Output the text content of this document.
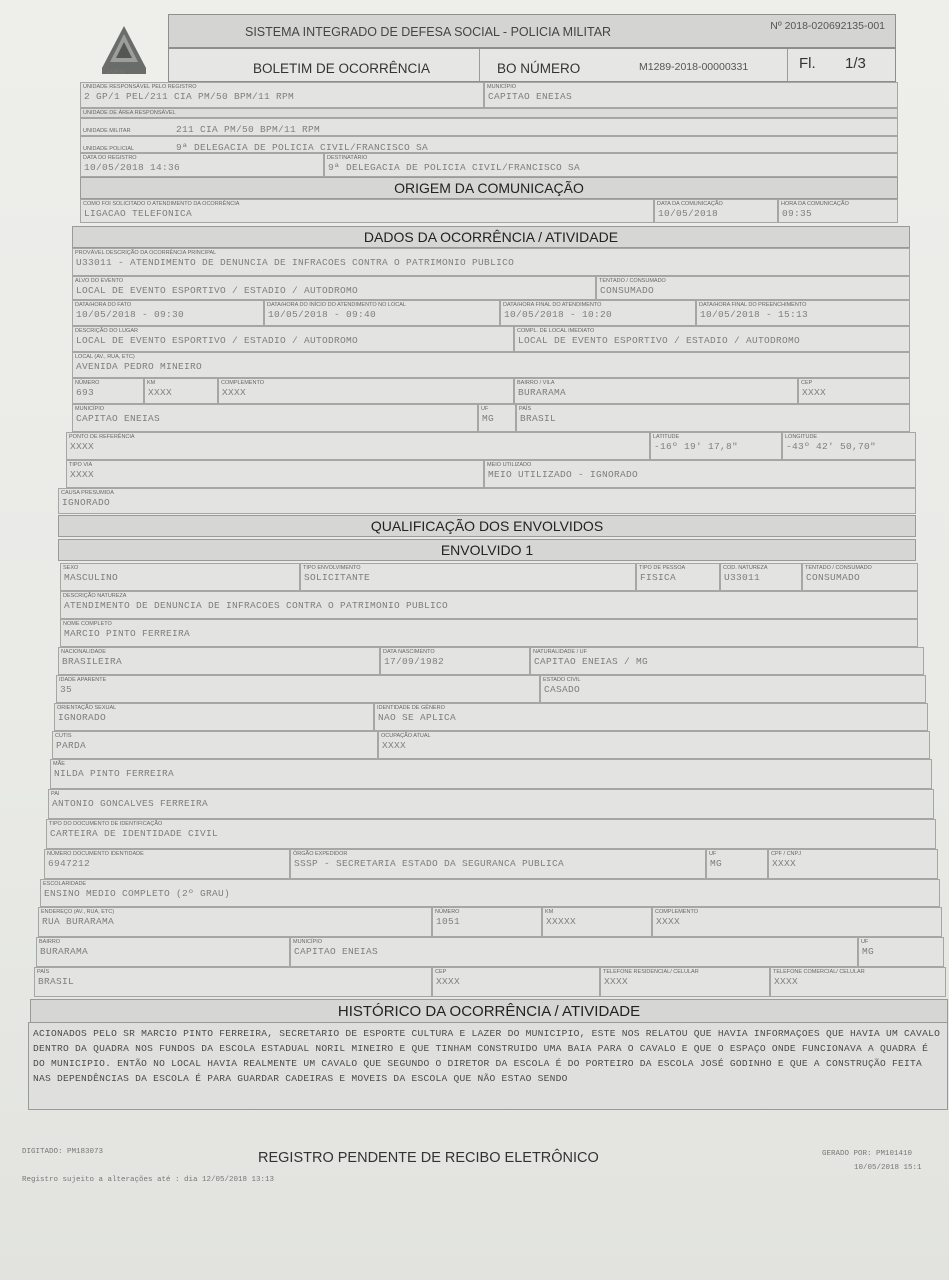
TAMEN
SISTEMA INTEGRADO DE DEFESA SOCIAL - POLICIA MILITAR	Nº 2018-020692135-001
BOLETIM DE OCORRÊNCIA	BO NÚMERO	M1289-2018-00000331	Fl. 1/3
UNIDADE RESPONSÁVEL PELO REGISTRO
2 GP/1 PEL/211 CIA PM/50 BPM/11 RPM
MUNICÍPIO
CAPITAO ENEIAS
UNIDADE DE ÁREA RESPONSÁVEL
UNIDADE MILITAR	211 CIA PM/50 BPM/11 RPM
UNIDADE POLICIAL	9ª DELEGACIA DE POLICIA CIVIL/FRANCISCO SA
DATA DO REGISTRO
10/05/2018 14:36
DESTINATÁRIO
9ª DELEGACIA DE POLICIA CIVIL/FRANCISCO SA
ORIGEM DA COMUNICAÇÃO
COMO FOI SOLICITADO O ATENDIMENTO DA OCORRÊNCIA
LIGACAO TELEFONICA
DATA DA COMUNICAÇÃO
10/05/2018
HORA DA COMUNICAÇÃO
09:35
DADOS DA OCORRÊNCIA / ATIVIDADE
PROVÁVEL DESCRIÇÃO DA OCORRÊNCIA PRINCIPAL
U33011 - ATENDIMENTO DE DENUNCIA DE INFRACOES CONTRA O PATRIMONIO PUBLICO
ALVO DO EVENTO
LOCAL DE EVENTO ESPORTIVO / ESTADIO / AUTODROMO
TENTADO / CONSUMADO
CONSUMADO
DATA/HORA DO FATO
10/05/2018 - 09:30
DATA/HORA DO INÍCIO DO ATENDIMENTO NO LOCAL
10/05/2018 - 09:40
DATA/HORA FINAL DO ATENDIMENTO
10/05/2018 - 10:20
DATA/HORA FINAL DO PREENCHIMENTO
10/05/2018 - 15:13
DESCRIÇÃO DO LUGAR
LOCAL DE EVENTO ESPORTIVO / ESTADIO / AUTODROMO
COMPL. DE LOCAL IMEDIATO
LOCAL DE EVENTO ESPORTIVO / ESTADIO / AUTODROMO
LOCAL (AV., RUA, ETC)
AVENIDA PEDRO MINEIRO
NÚMERO
693
KM
XXXX
COMPLEMENTO
XXXX
BAIRRO / VILA
BURARAMA
CEP
XXXX
MUNICÍPIO
CAPITAO ENEIAS
UF
MG
PAÍS
BRASIL
PONTO DE REFERÊNCIA
XXXX
LATITUDE
-16º 19' 17,8"
LONGITUDE
-43º 42' 50,70"
TIPO VIA
XXXX
MEIO UTILIZADO
MEIO UTILIZADO - IGNORADO
CAUSA PRESUMIDA
IGNORADO
QUALIFICAÇÃO DOS ENVOLVIDOS
ENVOLVIDO 1
SEXO
MASCULINO
TIPO ENVOLVIMENTO
SOLICITANTE
TIPO DE PESSOA
FISICA
COD. NATUREZA
U33011
TENTADO / CONSUMADO
CONSUMADO
DESCRIÇÃO NATUREZA
ATENDIMENTO DE DENUNCIA DE INFRACOES CONTRA O PATRIMONIO PUBLICO
NOME COMPLETO
MARCIO PINTO FERREIRA
NACIONALIDADE
BRASILEIRA
DATA NASCIMENTO
17/09/1982
NATURALIDADE / UF
CAPITAO ENEIAS / MG
IDADE APARENTE
35
ESTADO CIVIL
CASADO
ORIENTAÇÃO SEXUAL
IGNORADO
IDENTIDADE DE GÊNERO
NAO SE APLICA
CUTIS
PARDA
OCUPAÇÃO ATUAL
XXXX
MÃE
NILDA PINTO FERREIRA
PAI
ANTONIO GONCALVES FERREIRA
TIPO DO DOCUMENTO DE IDENTIFICAÇÃO
CARTEIRA DE IDENTIDADE CIVIL
NÚMERO DOCUMENTO IDENTIDADE
6947212
ÓRGÃO EXPEDIDOR
SSSP - SECRETARIA ESTADO DA SEGURANCA PUBLICA
UF
MG
CPF / CNPJ
XXXX
ESCOLARIDADE
ENSINO MEDIO COMPLETO (2º GRAU)
ENDEREÇO (AV., RUA, ETC)
RUA BURARAMA
NÚMERO
1051
KM
XXXXX
COMPLEMENTO
XXXX
BAIRRO
BURARAMA
MUNICÍPIO
CAPITAO ENEIAS
UF
MG
PAÍS
BRASIL
CEP
XXXX
TELEFONE RESIDENCIAL/ CELULAR
XXXX
TELEFONE COMERCIAL/ CELULAR
XXXX
HISTÓRICO DA OCORRÊNCIA / ATIVIDADE
ACIONADOS PELO SR MARCIO PINTO FERREIRA, SECRETARIO DE ESPORTE CULTURA E LAZER DO MUNICIPIO, ESTE NOS RELATOU QUE HAVIA INFORMAÇOES QUE HAVIA UM CAVALO DENTRO DA QUADRA NOS FUNDOS DA ESCOLA ESTADUAL NORIL MINEIRO E QUE TINHAM CONSTRUIDO UMA BAIA PARA O CAVALO E QUE O ESPAÇO ONDE FUNCIONAVA A QUADRA É DO MUNICIPIO. ENTÃO NO LOCAL HAVIA REALMENTE UM CAVALO QUE SEGUNDO O DIRETOR DA ESCOLA É DO PORTEIRO DA ESCOLA JOSÉ GODINHO E QUE A CONSTRUÇÃO FEITA NAS DEPENDÊNCIAS DA ESCOLA É PARA GUARDAR CADEIRAS E MOVEIS DA ESCOLA QUE NÃO ESTAO SENDO
DIGITADO: PM183073
Registro sujeito a alterações até : dia 12/05/2018 13:13
REGISTRO PENDENTE DE RECIBO ELETRÔNICO	GERADO POR: PM101410
10/05/2018 15:1
